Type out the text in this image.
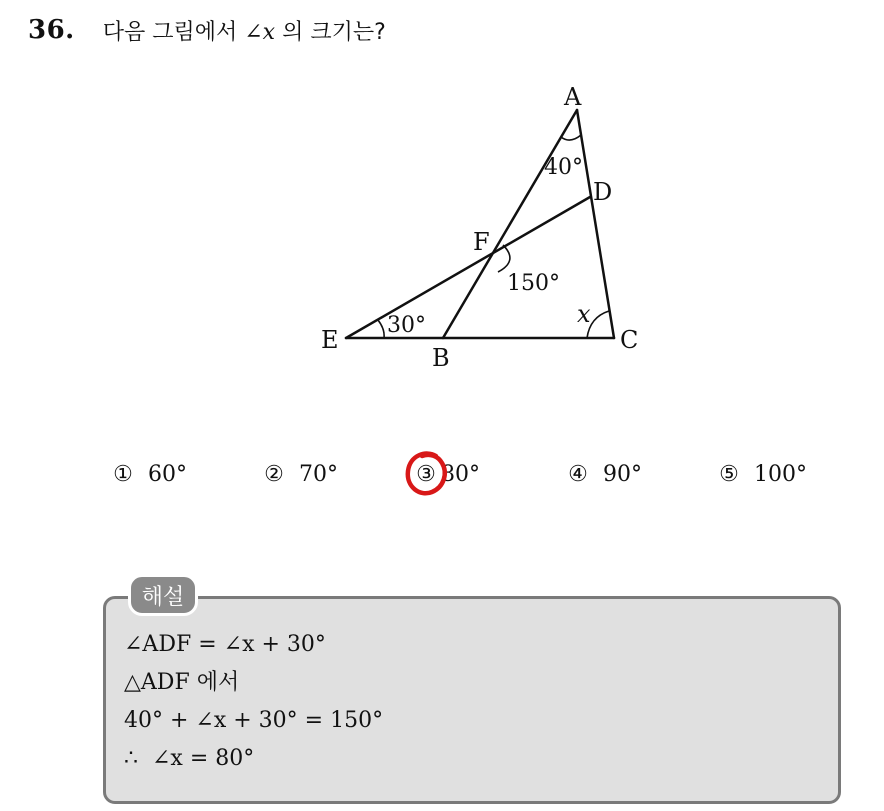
36. 다음 그림에서 ∠x 의 크기는?
A
D
F
E
B
C
40°
150°
30°	x
① 60°	② 70°	③ 80°	④ 90°	⑤ 100°
해설
∠ADF = ∠x + 30°
△ADF 에서
40° + ∠x + 30° = 150°
∴  ∠x = 80°
